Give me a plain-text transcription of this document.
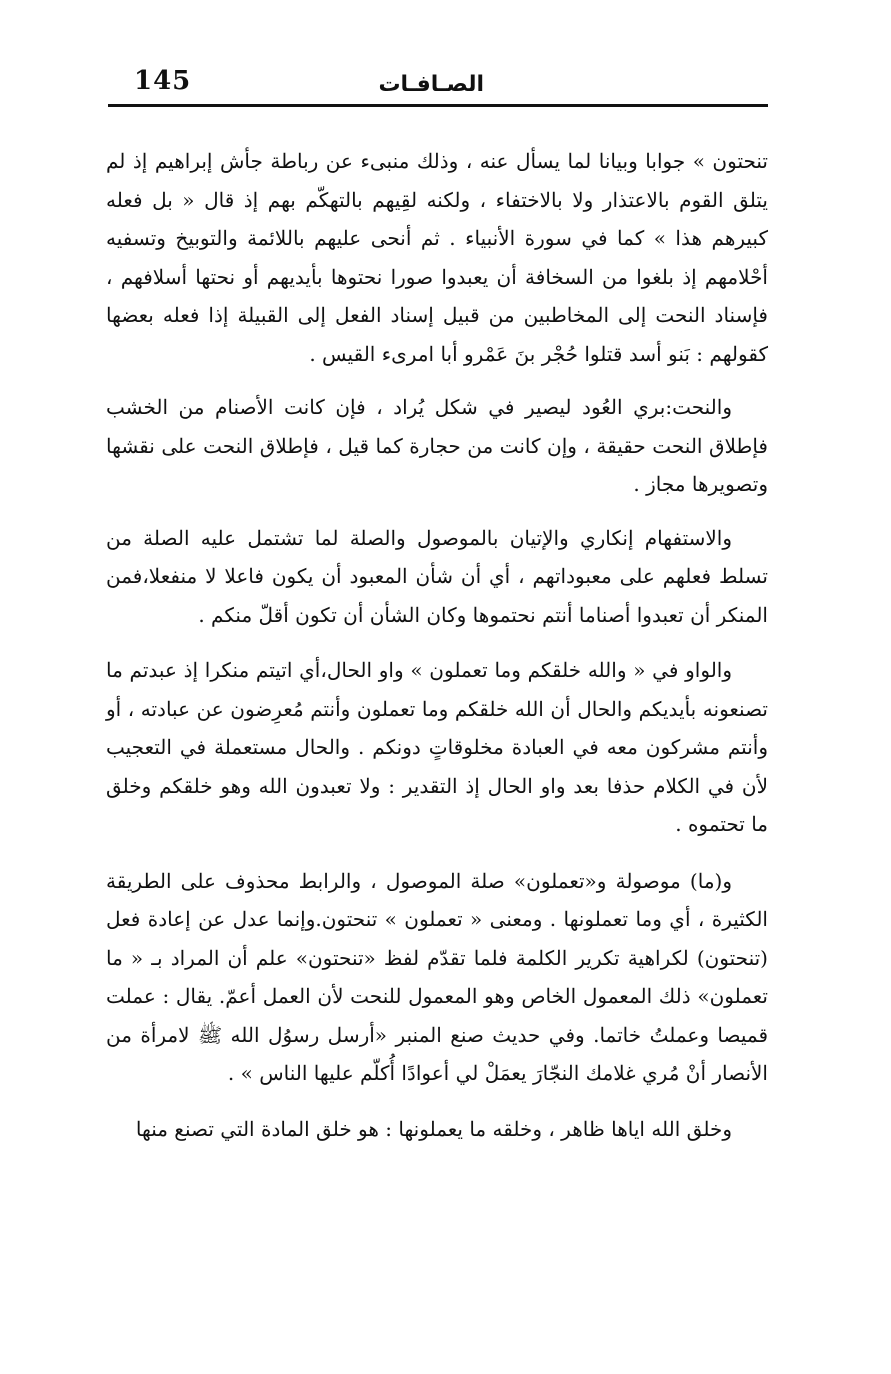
145	الصـافـات

تنحتون » جوابا وبيانا لما يسأل عنه ، وذلك منبىء عن رباطة جأش إبراهيم إذ لم يتلق القوم بالاعتذار ولا بالاختفاء ، ولكنه لقِيهم بالتهكّم بهم إذ قال « بل فعله كبيرهم هذا » كما في سورة الأنبياء . ثم أنحى عليهم باللائمة والتوبيخ وتسفيه أحْلامهم إذ بلغوا من السخافة أن يعبدوا صورا نحتوها بأيديهم أو نحتها أسلافهم ، فإسناد النحت إلى المخاطبين من قبيل إسناد الفعل إلى القبيلة إذا فعله بعضها كقولهم : بَنو أسد قتلوا حُجْر بنَ عَمْرو أبا امرىء القيس .

والنحت:بري العُود ليصير في شكل يُراد ، فإن كانت الأصنام من الخشب فإطلاق النحت حقيقة ، وإن كانت من حجارة كما قيل ، فإطلاق النحت على نقشها وتصويرها مجاز .

والاستفهام إنكاري والإتيان بالموصول والصلة لما تشتمل عليه الصلة من تسلط فعلهم على معبوداتهم ، أي أن شأن المعبود أن يكون فاعلا لا منفعلا،فمن المنكر أن تعبدوا أصناما أنتم نحتموها وكان الشأن أن تكون أقلّ منكم .

والواو في « والله خلقكم وما تعملون » واو الحال،أي اتيتم منكرا إذ عبدتم ما تصنعونه بأيديكم والحال أن الله خلقكم وما تعملون وأنتم مُعرِضون عن عبادته ، أو وأنتم مشركون معه في العبادة مخلوقاتٍ دونكم . والحال مستعملة في التعجيب لأن في الكلام حذفا بعد واو الحال إذ التقدير : ولا تعبدون الله وهو خلقكم وخلق ما تحتموه .

و(ما) موصولة و«تعملون» صلة الموصول ، والرابط محذوف على الطريقة الكثيرة ، أي وما تعملونها . ومعنى « تعملون » تنحتون.وإنما عدل عن إعادة فعل (تنحتون) لكراهية تكرير الكلمة فلما تقدّم لفظ «تنحتون» علم أن المراد بـ « ما تعملون» ذلك المعمول الخاص وهو المعمول للنحت لأن العمل أعمّ. يقال : عملت قميصا وعملتُ خاتما. وفي حديث صنع المنبر «أرسل رسوُل الله ﷺ لامرأة من الأنصار أنْ مُري غلامك النجّارَ يعمَلْ لي أعوادًا أُكلّم عليها الناس » .

وخلق الله اياها ظاهر ، وخلقه ما يعملونها : هو خلق المادة التي تصنع منها
